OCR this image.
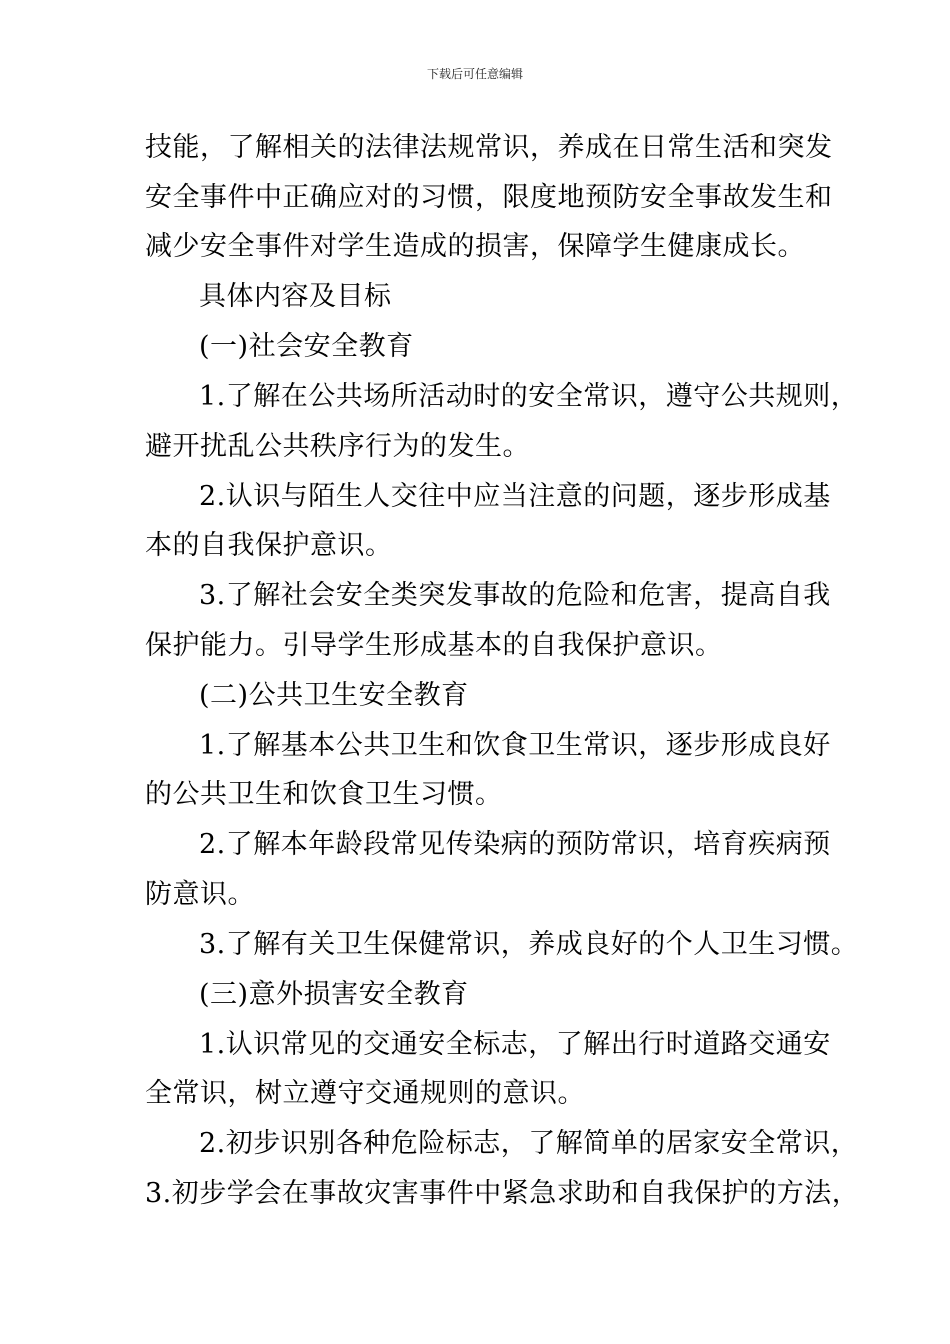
下载后可任意编辑
技能，了解相关的法律法规常识，养成在日常生活和突发
安全事件中正确应对的习惯，限度地预防安全事故发生和
减少安全事件对学生造成的损害，保障学生健康成长。
具体内容及目标
(一)社会安全教育
1.了解在公共场所活动时的安全常识，遵守公共规则，
避开扰乱公共秩序行为的发生。
2.认识与陌生人交往中应当注意的问题，逐步形成基
本的自我保护意识。
3.了解社会安全类突发事故的危险和危害，提高自我
保护能力。引导学生形成基本的自我保护意识。
(二)公共卫生安全教育
1.了解基本公共卫生和饮食卫生常识，逐步形成良好
的公共卫生和饮食卫生习惯。
2.了解本年龄段常见传染病的预防常识，培育疾病预
防意识。
3.了解有关卫生保健常识，养成良好的个人卫生习惯。
(三)意外损害安全教育
1.认识常见的交通安全标志，了解出行时道路交通安
全常识，树立遵守交通规则的意识。
2.初步识别各种危险标志，了解简单的居家安全常识，
3.初步学会在事故灾害事件中紧急求助和自我保护的方法，
